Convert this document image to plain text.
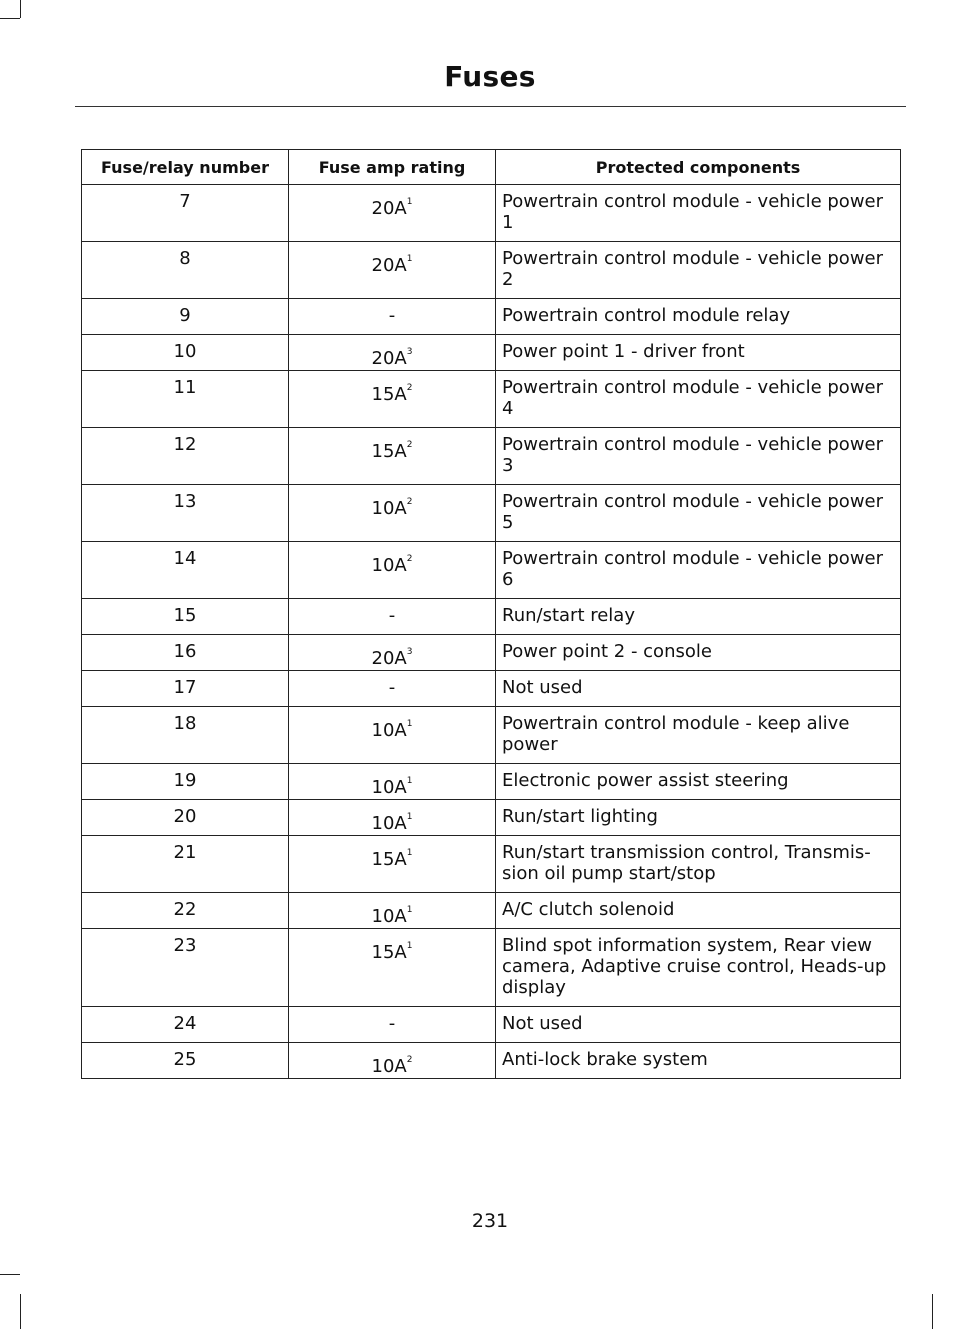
Fuses
Fuse/relay number	Fuse amp rating	Protected components
7	$20A^1$	Powertrain control module - vehicle power 1
8	$20A^1$	Powertrain control module - vehicle power 2
9	-	Powertrain control module relay
10	$20A^3$	Power point 1 - driver front
11	$15A^2$	Powertrain control module - vehicle power 4
12	$15A^2$	Powertrain control module - vehicle power 3
13	$10A^2$	Powertrain control module - vehicle power 5
14	$10A^2$	Powertrain control module - vehicle power 6
15	-	Run/start relay
16	$20A^3$	Power point 2 - console
17	-	Not used
18	$10A^1$	Powertrain control module - keep alive power
19	$10A^1$	Electronic power assist steering
20	$10A^1$	Run/start lighting
21	$15A^1$	Run/start transmission control, Transmis-sion oil pump start/stop
22	$10A^1$	A/C clutch solenoid
23	$15A^1$	Blind spot information system, Rear view camera, Adaptive cruise control, Heads-up display
24	-	Not used
25	$10A^2$	Anti-lock brake system
231
